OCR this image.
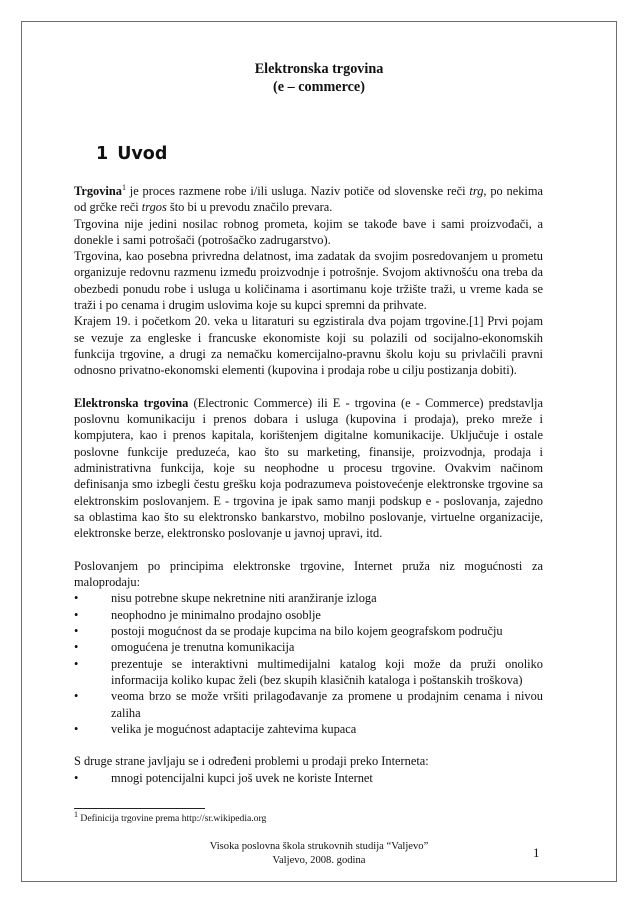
Elektronska trgovina
(e – commerce)
1 Uvod

Trgovina$^1$ je proces razmene robe i/ili usluga. Naziv potiče od slovenske reči trg, po nekima od grčke reči trgos što bi u prevodu značilo prevara.

Trgovina nije jedini nosilac robnog prometa, kojim se takođe bave i sami proizvođači, a donekle i sami potrošači (potrošačko zadrugarstvo).

Trgovina, kao posebna privredna delatnost, ima zadatak da svojim posredovanjem u prometu organizuje redovnu razmenu između proizvodnje i potrošnje. Svojom aktivnošću ona treba da obezbedi ponudu robe i usluga u količinama i asortimanu koje tržište traži, u vreme kada se traži i po cenama i drugim uslovima koje su kupci spremni da prihvate.

Krajem 19. i početkom 20. veka u litaraturi su egzistirala dva pojam trgovine.[1] Prvi pojam se vezuje za engleske i francuske ekonomiste koji su polazili od socijalno-ekonomskih funkcija trgovine, a drugi za nemačku komercijalno-pravnu školu koju su privlačili pravni odnosno privatno-ekonomski elementi (kupovina i prodaja robe u cilju postizanja dobiti).

Elektronska trgovina (Electronic Commerce) ili E - trgovina (e - Commerce) predstavlja poslovnu komunikaciju i prenos dobara i usluga (kupovina i prodaja), preko mreže i kompjutera, kao i prenos kapitala, korištenjem digitalne komunikacije. Uključuje i ostale poslovne funkcije preduzeća, kao što su marketing, finansije, proizvodnja, prodaja i administrativna funkcija, koje su neophodne u procesu trgovine. Ovakvim načinom definisanja smo izbegli čestu grešku koja podrazumeva poistovećenje elektronske trgovine sa elektronskim poslovanjem. E - trgovina je ipak samo manji podskup e - poslovanja, zajedno sa oblastima kao što su elektronsko bankarstvo, mobilno poslovanje, virtuelne organizacije, elektronske berze, elektronsko poslovanje u javnoj upravi, itd.

Poslovanjem po principima elektronske trgovine, Internet pruža niz mogućnosti za maloprodaju:

•	nisu potrebne skupe nekretnine niti aranžiranje izloga
•	neophodno je minimalno prodajno osoblje
•	postoji mogućnost da se prodaje kupcima na bilo kojem geografskom području
•	omogućena je trenutna komunikacija
•	prezentuje se interaktivni multimedijalni katalog koji može da pruži onoliko informacija koliko kupac želi (bez skupih klasičnih kataloga i poštanskih troškova)
•	veoma brzo se može vršiti prilagođavanje za promene u prodajnim cenama i nivou zaliha
•	velika je mogućnost adaptacije zahtevima kupaca

S druge strane javljaju se i određeni problemi u prodaji preko Interneta:

•	mnogi potencijalni kupci još uvek ne koriste Internet
$^1$ Definicija trgovine prema http://sr.wikipedia.org
Visoka poslovna škola strukovnih studija “Valjevo”
Valjevo, 2008. godina
1
